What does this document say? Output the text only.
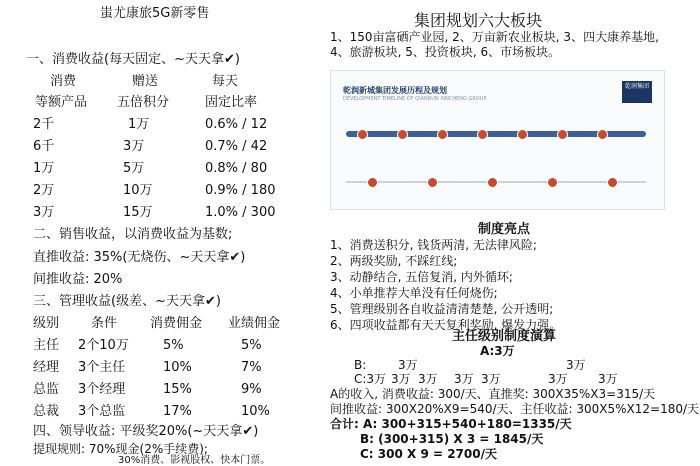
蚩尤康旅5G新零售
一、消费收益(每天固定、~天天拿✔)
消费	赠送	每天
等额产品 五倍积分	固定比率
2千	1万	0.6% / 12
6千	3万	0.7% / 42
1万	5万	0.8% / 80
2万	10万	0.9% / 180
3万	15万	1.0% / 300
二、销售收益，以消费收益为基数;
直推收益: 35%(无烧伤、~天天拿✔)
间推收益: 20%
三、管理收益(级差、~天天拿✔)
级别 条件	消费佣金 业绩佣金
主任 2个10万	5%	5%
经理 3个主任	10%	7%
总监 3个经理	15%	9%
总裁 3个总监	17%	10%
四、领导收益: 平级奖20%(~天天拿✔)
提现规则: 70%现金(2%手续费);
30%消费、影视股权、快本门票。
集团规划六大板块
1、150亩富硒产业园, 2、万亩新农业板块, 3、四大康养基地,
4、旅游板块, 5、投资板块, 6、市场板块。
乾润新城集团发展历程及规划
DEVELOPMENT TIMELINE OF QIANRUN XINCHENG GROUP
乾润集团
制度亮点
1、消费送积分, 钱货两清, 无法律风险;
2、两级奖励, 不踩红线;
3、动静结合, 五倍复消, 内外循环;
4、小单推荐大单没有任何烧伤;
5、管理级别各自收益清清楚楚, 公开透明;
6、四项收益都有天天复利奖励, 爆发力强。
主任级别制度演算
A:3万
B:	3万	3万
C:3万 3万 3万 3万 3万	3万	3万
A的收入, 消费收益: 300/天、直推奖: 300X35%X3=315/天
间推收益: 300X20%X9=540/天、主任收益: 300X5%X12=180/天
合计: A: 300+315+540+180=1335/天
B: (300+315) X 3 = 1845/天
C: 300 X 9 = 2700/天
